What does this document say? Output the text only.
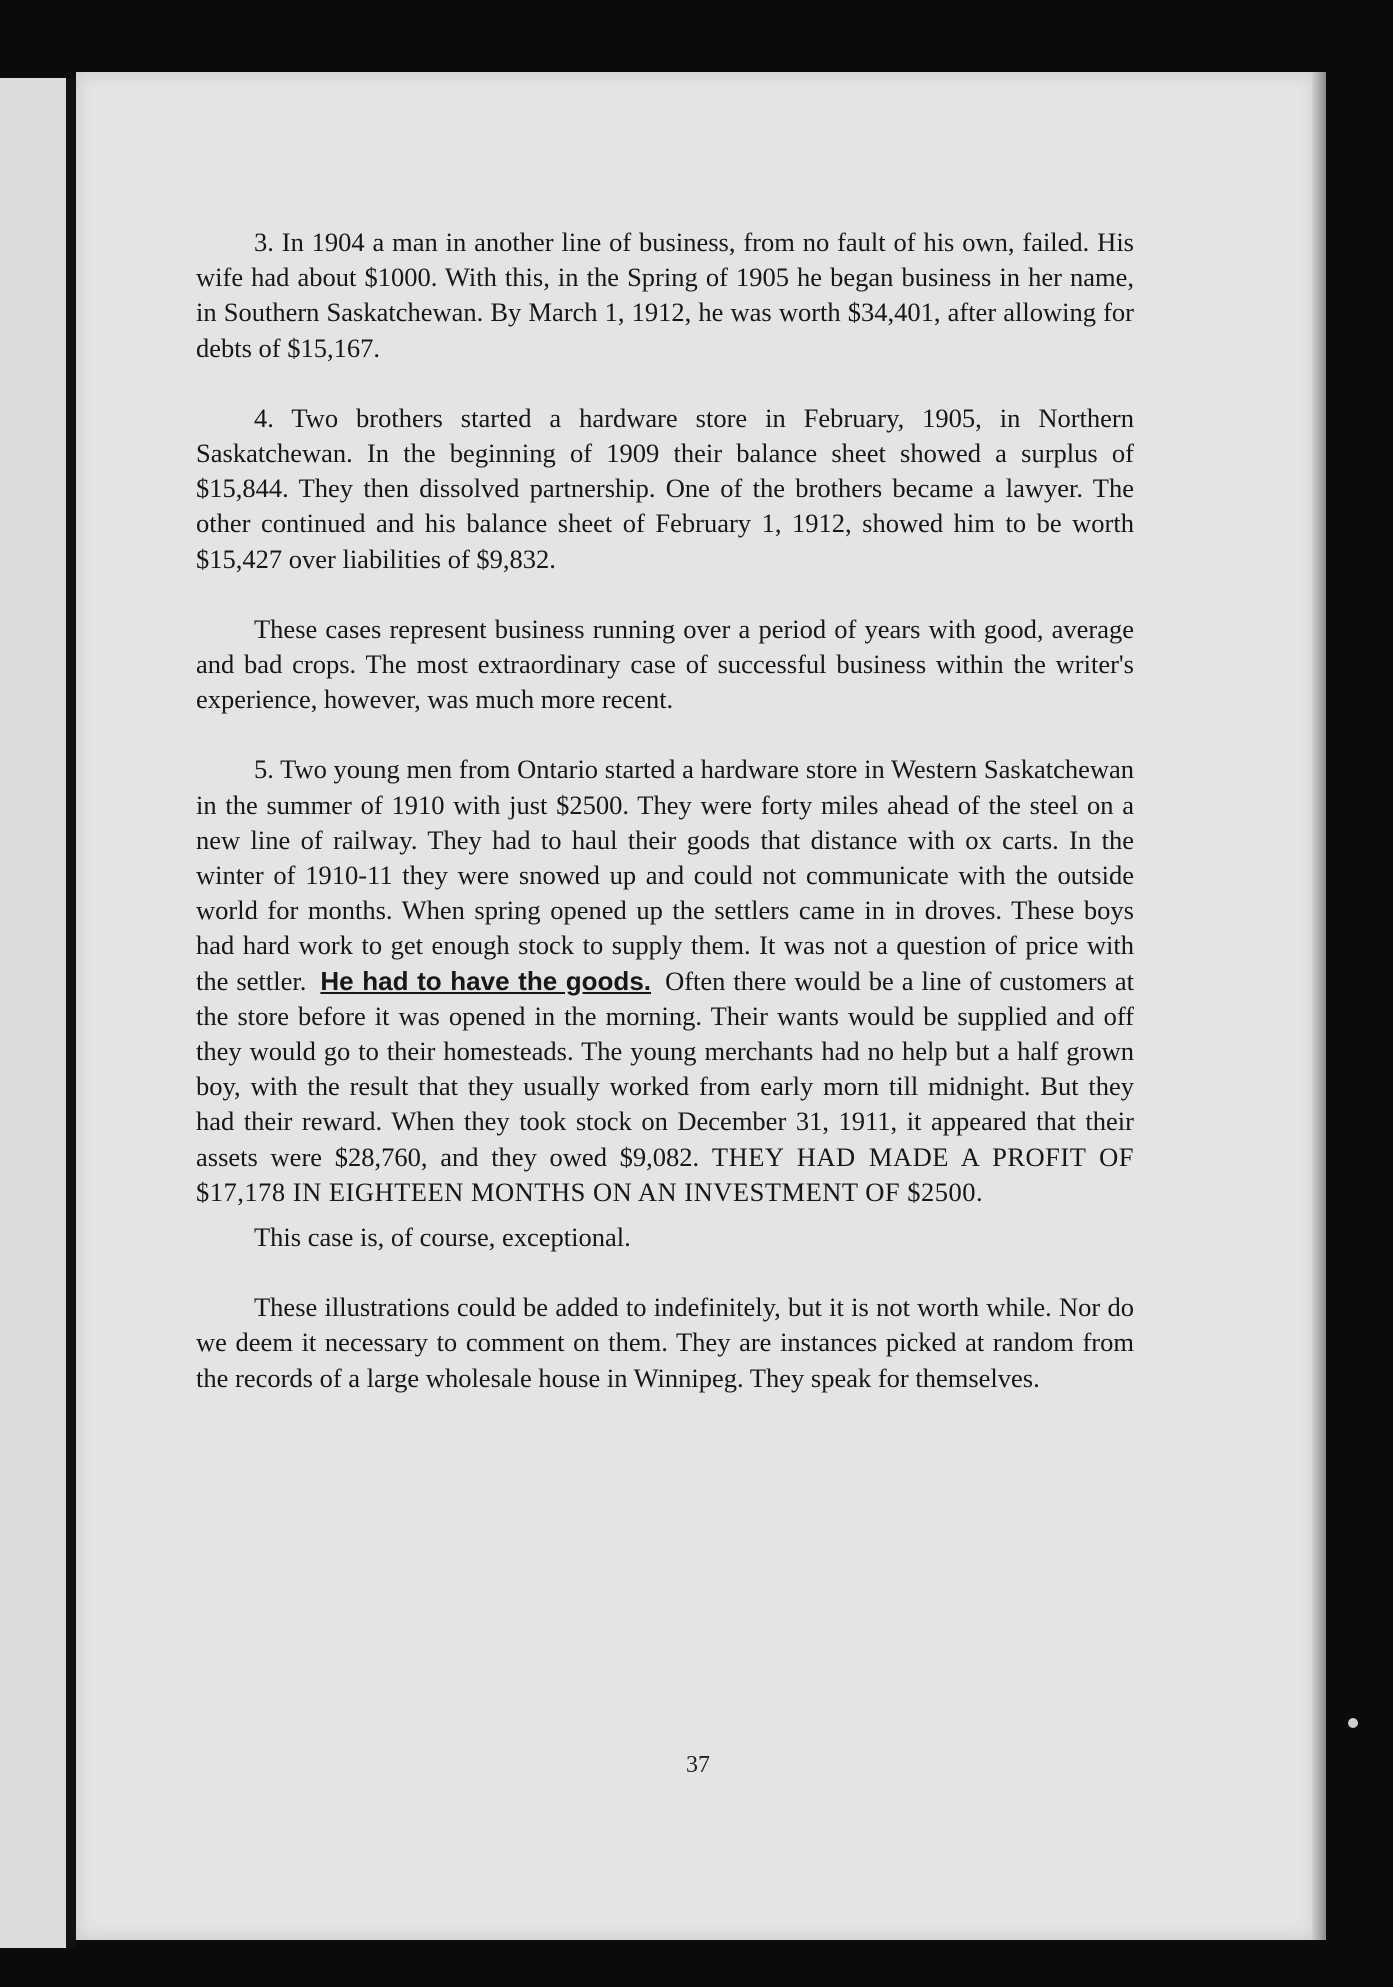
3. In 1904 a man in another line of business, from no fault of his own, failed. His wife had about $1000. With this, in the Spring of 1905 he began business in her name, in Southern Saskatchewan. By March 1, 1912, he was worth $34,401, after allowing for debts of $15,167.

4. Two brothers started a hardware store in February, 1905, in Northern Saskatchewan. In the beginning of 1909 their balance sheet showed a surplus of $15,844. They then dissolved partnership. One of the brothers became a lawyer. The other continued and his balance sheet of February 1, 1912, showed him to be worth $15,427 over liabilities of $9,832.

These cases represent business running over a period of years with good, average and bad crops. The most extraordinary case of successful business within the writer's experience, however, was much more recent.

5. Two young men from Ontario started a hardware store in Western Saskatchewan in the summer of 1910 with just $2500. They were forty miles ahead of the steel on a new line of railway. They had to haul their goods that distance with ox carts. In the winter of 1910-11 they were snowed up and could not communicate with the outside world for months. When spring opened up the settlers came in in droves. These boys had hard work to get enough stock to supply them. It was not a question of price with the settler. He had to have the goods. Often there would be a line of customers at the store before it was opened in the morning. Their wants would be supplied and off they would go to their homesteads. The young merchants had no help but a half grown boy, with the result that they usually worked from early morn till midnight. But they had their reward. When they took stock on December 31, 1911, it appeared that their assets were $28,760, and they owed $9,082. THEY HAD MADE A PROFIT OF $17,178 IN EIGHTEEN MONTHS ON AN INVESTMENT OF $2500.

This case is, of course, exceptional.

These illustrations could be added to indefinitely, but it is not worth while. Nor do we deem it necessary to comment on them. They are instances picked at random from the records of a large wholesale house in Winnipeg. They speak for themselves.

37
